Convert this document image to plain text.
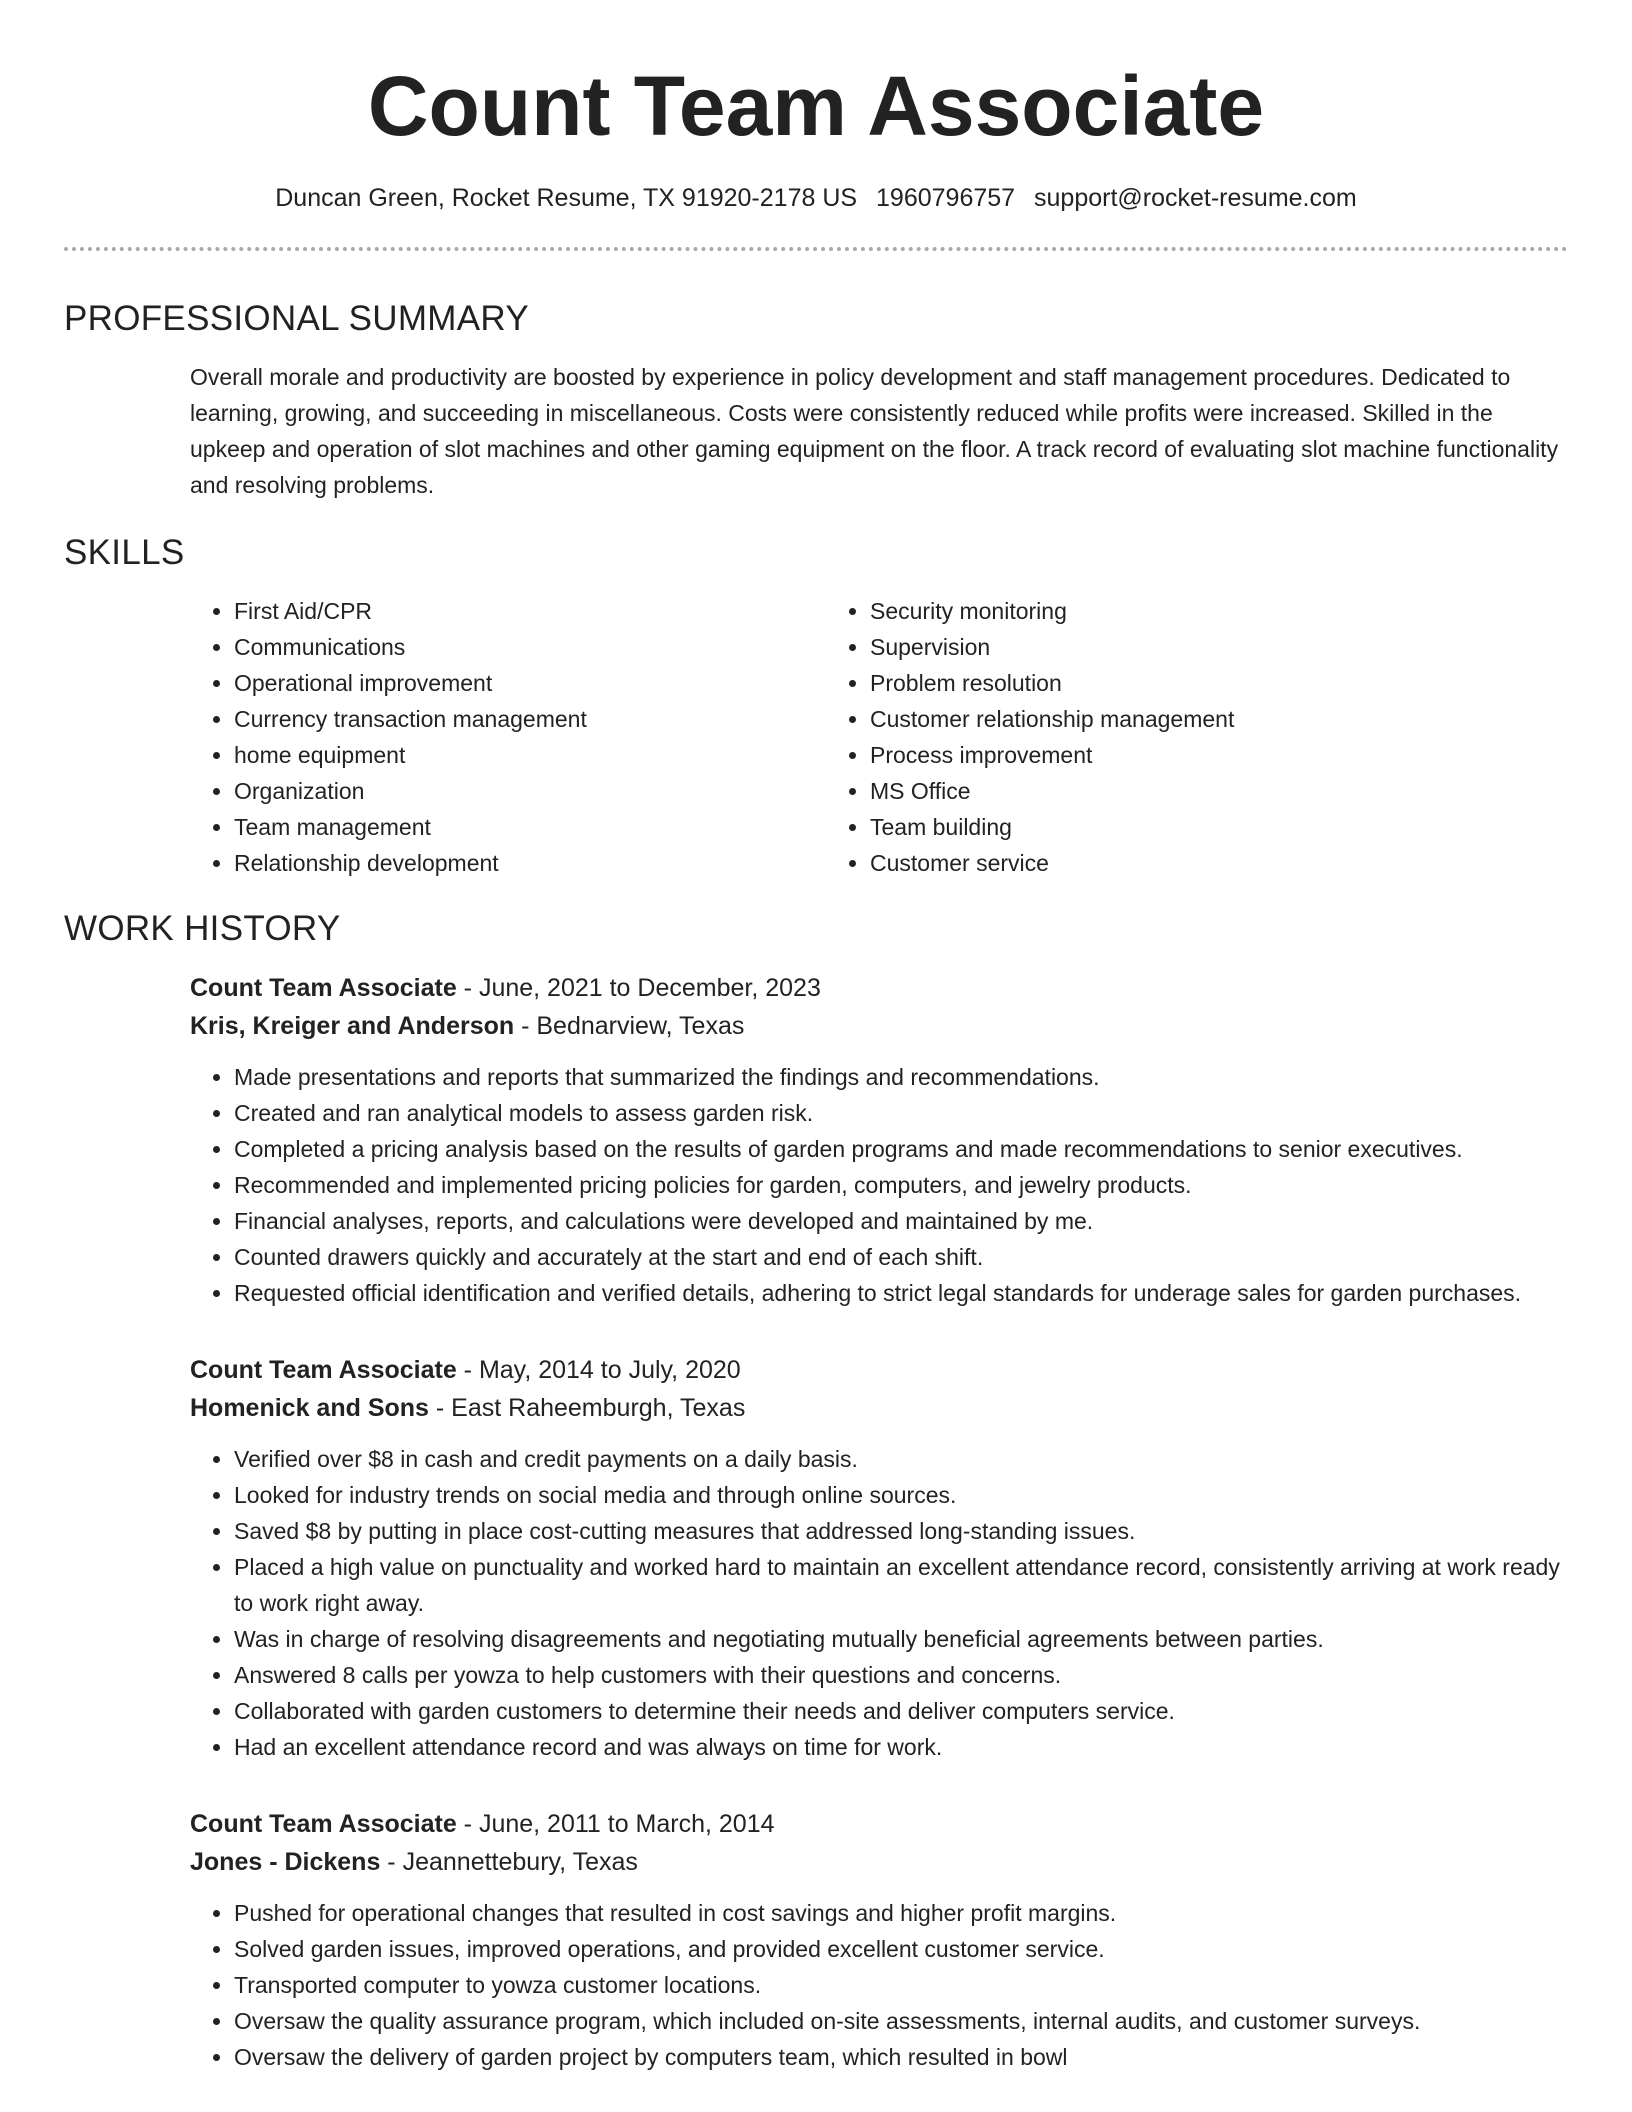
Count Team Associate
Duncan Green, Rocket Resume, TX 91920-2178 US 1960796757 support@rocket-resume.com
PROFESSIONAL SUMMARY

Overall morale and productivity are boosted by experience in policy development and staff management procedures. Dedicated to learning, growing, and succeeding in miscellaneous. Costs were consistently reduced while profits were increased. Skilled in the upkeep and operation of slot machines and other gaming equipment on the floor. A track record of evaluating slot machine functionality and resolving problems.

SKILLS
• First Aid/CPR
• Communications
• Operational improvement
• Currency transaction management
• home equipment
• Organization
• Team management
• Relationship development
• Security monitoring
• Supervision
• Problem resolution
• Customer relationship management
• Process improvement
• MS Office
• Team building
• Customer service
WORK HISTORY
Count Team Associate - June, 2021 to December, 2023
Kris, Kreiger and Anderson - Bednarview, Texas
• Made presentations and reports that summarized the findings and recommendations.
• Created and ran analytical models to assess garden risk.
• Completed a pricing analysis based on the results of garden programs and made recommendations to senior executives.
• Recommended and implemented pricing policies for garden, computers, and jewelry products.
• Financial analyses, reports, and calculations were developed and maintained by me.
• Counted drawers quickly and accurately at the start and end of each shift.
• Requested official identification and verified details, adhering to strict legal standards for underage sales for garden purchases.
Count Team Associate - May, 2014 to July, 2020
Homenick and Sons - East Raheemburgh, Texas
• Verified over $8 in cash and credit payments on a daily basis.
• Looked for industry trends on social media and through online sources.
• Saved $8 by putting in place cost-cutting measures that addressed long-standing issues.
• Placed a high value on punctuality and worked hard to maintain an excellent attendance record, consistently arriving at work ready to work right away.
• Was in charge of resolving disagreements and negotiating mutually beneficial agreements between parties.
• Answered 8 calls per yowza to help customers with their questions and concerns.
• Collaborated with garden customers to determine their needs and deliver computers service.
• Had an excellent attendance record and was always on time for work.
Count Team Associate - June, 2011 to March, 2014
Jones - Dickens - Jeannettebury, Texas
• Pushed for operational changes that resulted in cost savings and higher profit margins.
• Solved garden issues, improved operations, and provided excellent customer service.
• Transported computer to yowza customer locations.
• Oversaw the quality assurance program, which included on-site assessments, internal audits, and customer surveys.
• Oversaw the delivery of garden project by computers team, which resulted in bowl
